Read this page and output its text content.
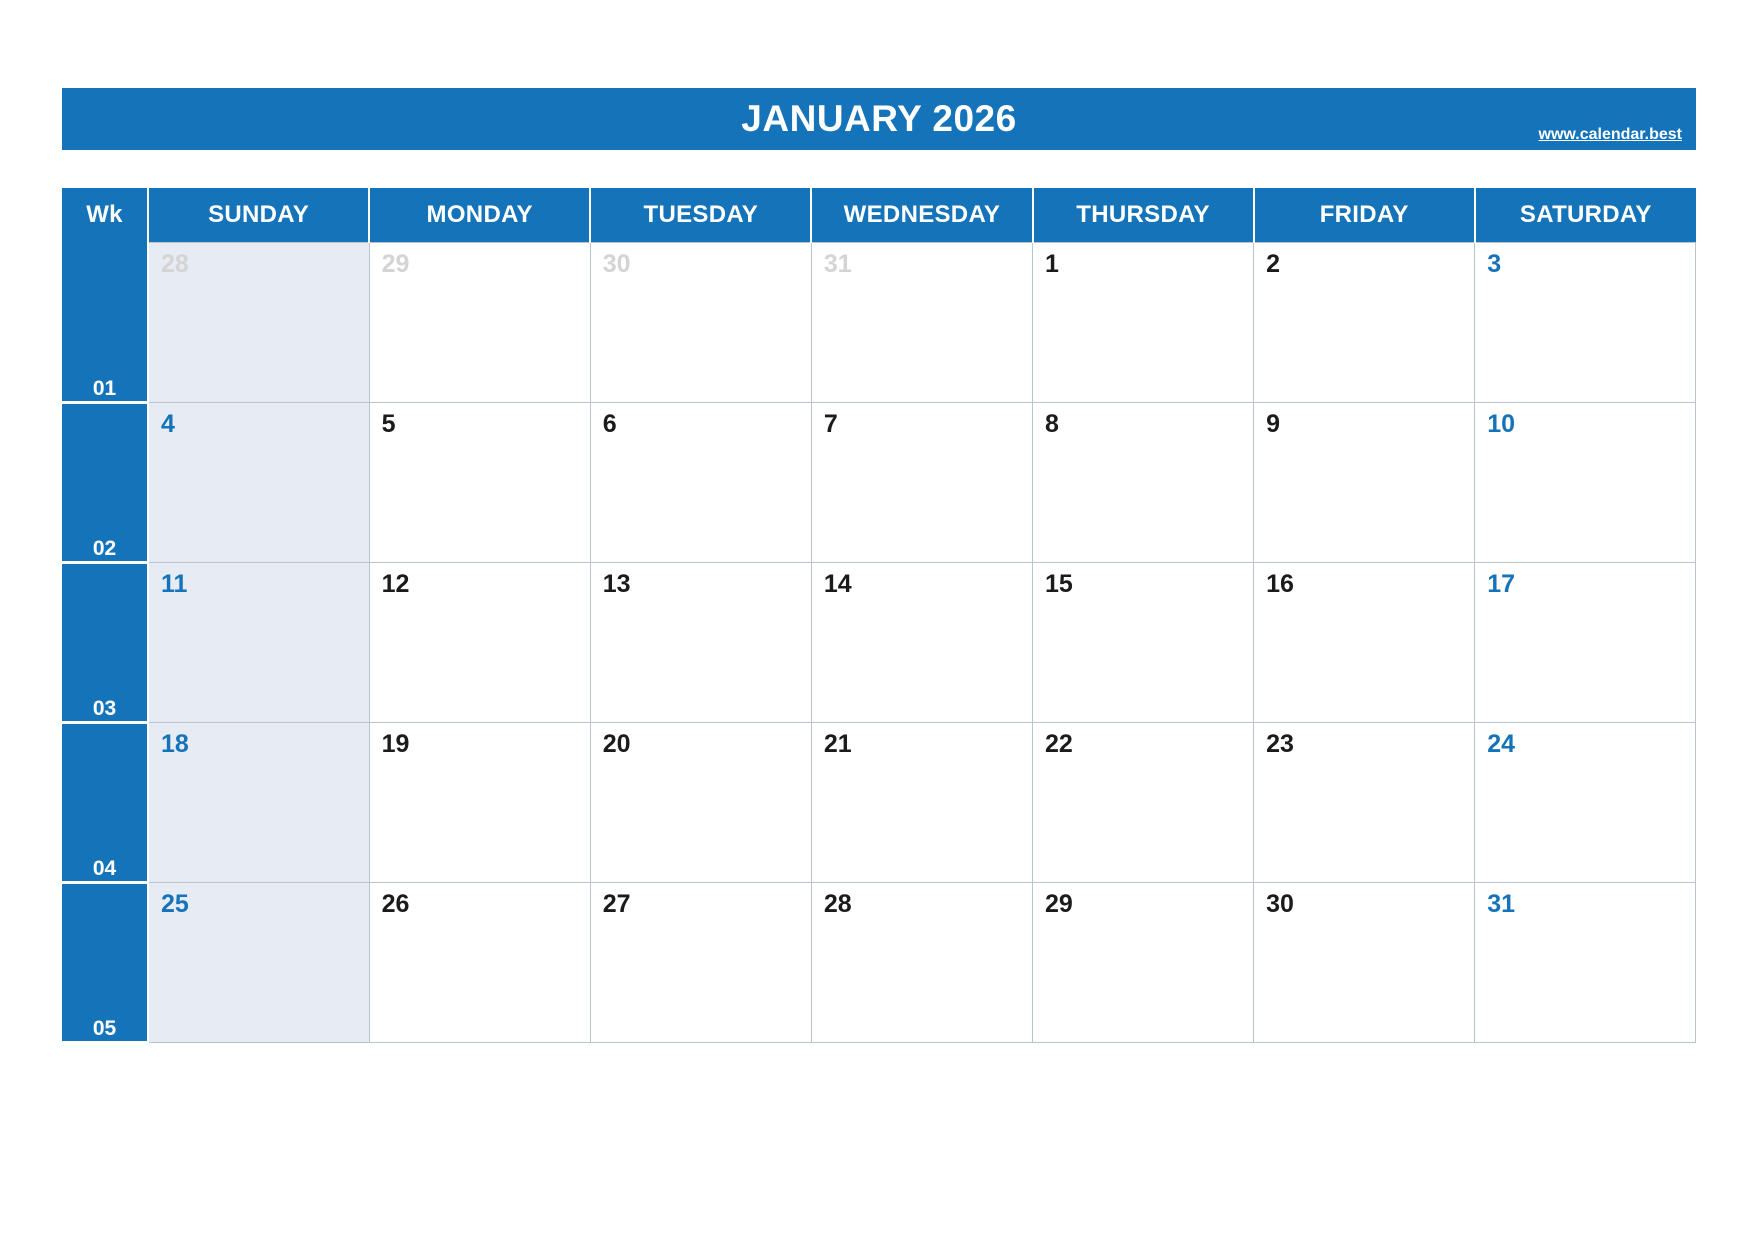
JANUARY 2026	www.calendar.best
Wk	SUNDAY	MONDAY	TUESDAY	WEDNESDAY	THURSDAY	FRIDAY	SATURDAY
01	28	29	30	31	1	2	3

02	4	5	6	7	8	9	10

03	11	12	13	14	15	16	17

04	18	19	20	21	22	23	24

05	25	26	27	28	29	30	31
